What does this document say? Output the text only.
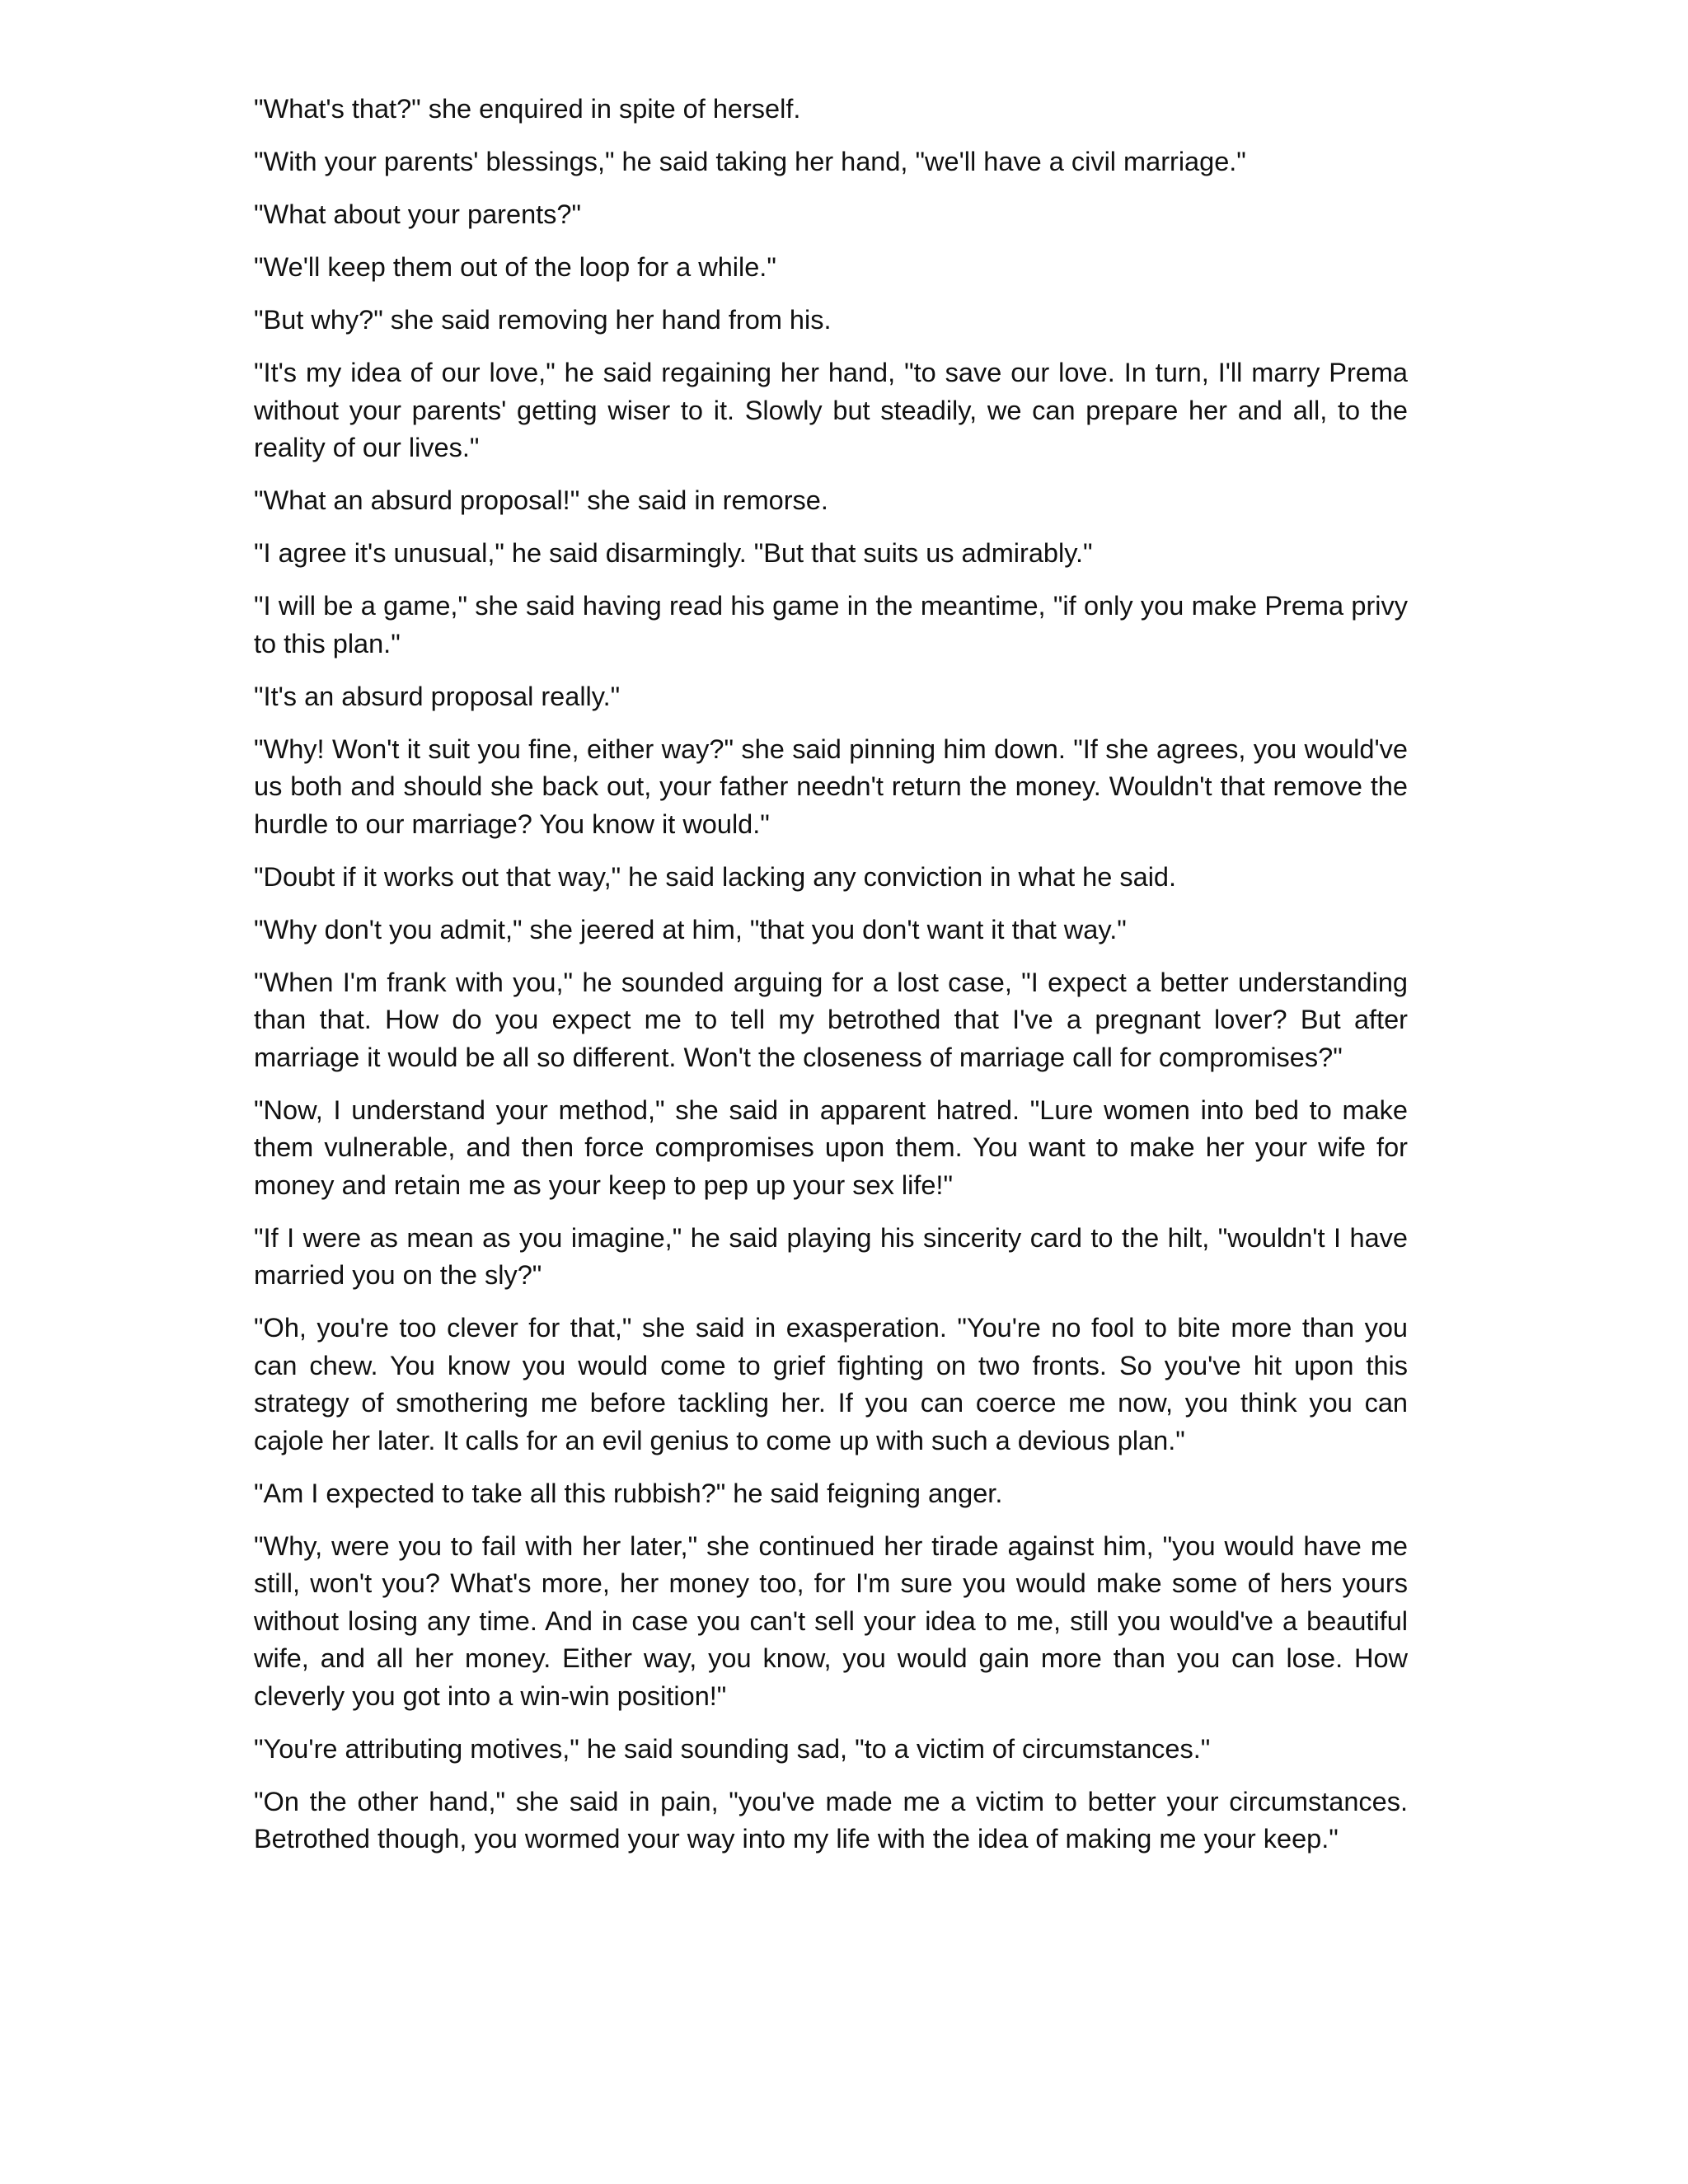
"What's that?" she enquired in spite of herself.

"With your parents' blessings," he said taking her hand, "we'll have a civil marriage."

"What about your parents?"

"We'll keep them out of the loop for a while."

"But why?" she said removing her hand from his.

"It's my idea of our love," he said regaining her hand, "to save our love. In turn, I'll marry Prema without your parents' getting wiser to it. Slowly but steadily, we can prepare her and all, to the reality of our lives."

"What an absurd proposal!" she said in remorse.

"I agree it's unusual," he said disarmingly. "But that suits us admirably."

"I will be a game," she said having read his game in the meantime, "if only you make Prema privy to this plan."

"It's an absurd proposal really."

"Why! Won't it suit you fine, either way?" she said pinning him down. "If she agrees, you would've us both and should she back out, your father needn't return the money. Wouldn't that remove the hurdle to our marriage? You know it would."

"Doubt if it works out that way," he said lacking any conviction in what he said.

"Why don't you admit," she jeered at him, "that you don't want it that way."

"When I'm frank with you," he sounded arguing for a lost case, "I expect a better understanding than that. How do you expect me to tell my betrothed that I've a pregnant lover? But after marriage it would be all so different. Won't the closeness of marriage call for compromises?"

"Now, I understand your method," she said in apparent hatred. "Lure women into bed to make them vulnerable, and then force compromises upon them. You want to make her your wife for money and retain me as your keep to pep up your sex life!"

"If I were as mean as you imagine," he said playing his sincerity card to the hilt, "wouldn't I have married you on the sly?"

"Oh, you're too clever for that," she said in exasperation. "You're no fool to bite more than you can chew. You know you would come to grief fighting on two fronts. So you've hit upon this strategy of smothering me before tackling her. If you can coerce me now, you think you can cajole her later. It calls for an evil genius to come up with such a devious plan."

"Am I expected to take all this rubbish?" he said feigning anger.

"Why, were you to fail with her later," she continued her tirade against him, "you would have me still, won't you? What's more, her money too, for I'm sure you would make some of hers yours without losing any time. And in case you can't sell your idea to me, still you would've a beautiful wife, and all her money. Either way, you know, you would gain more than you can lose. How cleverly you got into a win-win position!"

"You're attributing motives," he said sounding sad, "to a victim of circumstances."

"On the other hand," she said in pain, "you've made me a victim to better your circumstances. Betrothed though, you wormed your way into my life with the idea of making me your keep."
